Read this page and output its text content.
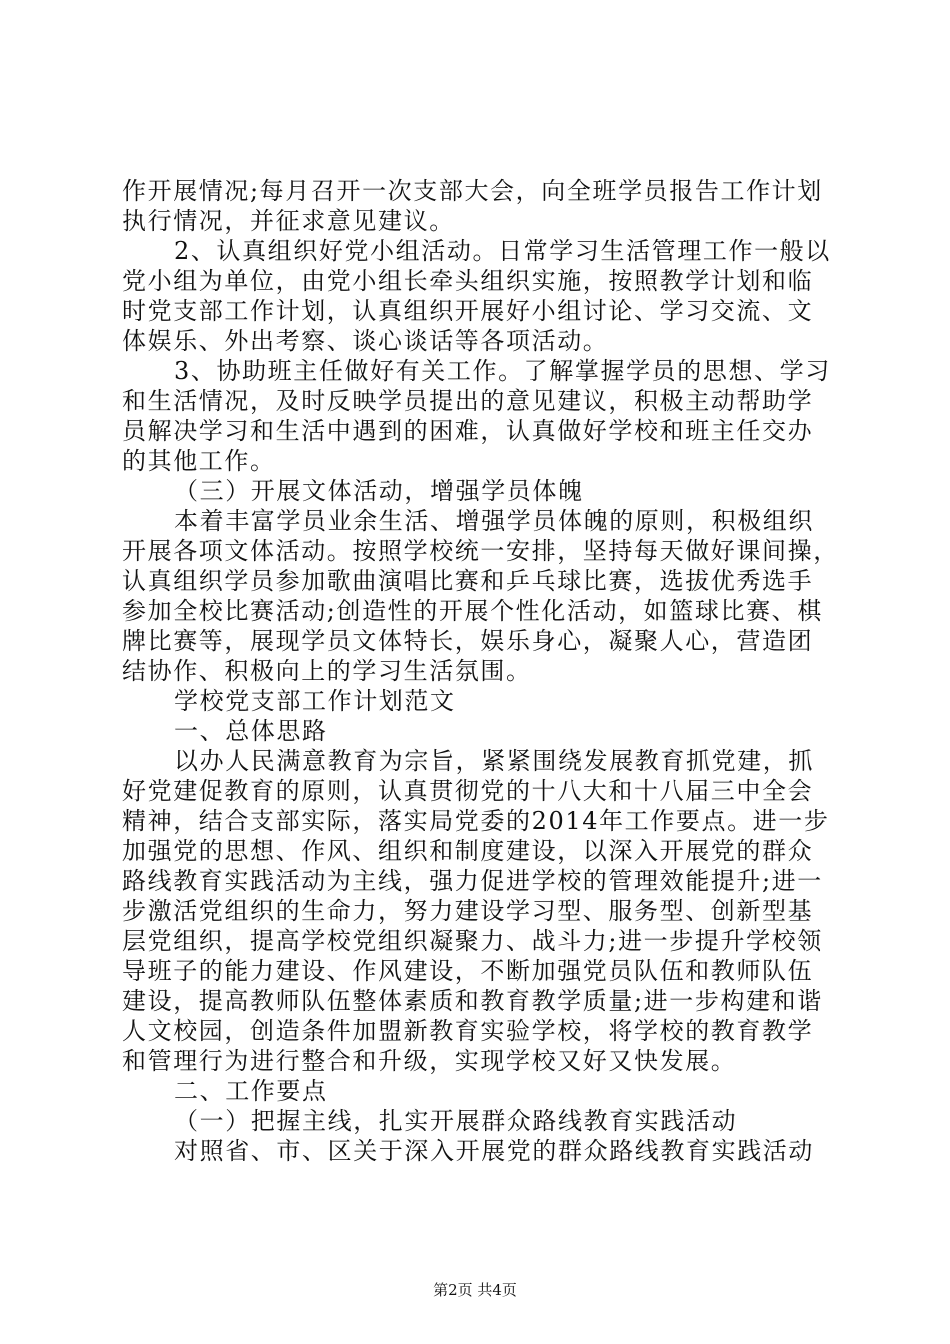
作开展情况;每月召开一次支部大会，向全班学员报告工作计划
执行情况，并征求意见建议。
2、认真组织好党小组活动。日常学习生活管理工作一般以
党小组为单位，由党小组长牵头组织实施，按照教学计划和临
时党支部工作计划，认真组织开展好小组讨论、学习交流、文
体娱乐、外出考察、谈心谈话等各项活动。
3、协助班主任做好有关工作。了解掌握学员的思想、学习
和生活情况，及时反映学员提出的意见建议，积极主动帮助学
员解决学习和生活中遇到的困难，认真做好学校和班主任交办
的其他工作。
（三）开展文体活动，增强学员体魄
本着丰富学员业余生活、增强学员体魄的原则，积极组织
开展各项文体活动。按照学校统一安排，坚持每天做好课间操，
认真组织学员参加歌曲演唱比赛和乒乓球比赛，选拔优秀选手
参加全校比赛活动;创造性的开展个性化活动，如篮球比赛、棋
牌比赛等，展现学员文体特长，娱乐身心，凝聚人心，营造团
结协作、积极向上的学习生活氛围。
学校党支部工作计划范文
一、总体思路
以办人民满意教育为宗旨，紧紧围绕发展教育抓党建，抓
好党建促教育的原则，认真贯彻党的十八大和十八届三中全会
精神，结合支部实际，落实局党委的2014年工作要点。进一步
加强党的思想、作风、组织和制度建设，以深入开展党的群众
路线教育实践活动为主线，强力促进学校的管理效能提升;进一
步激活党组织的生命力，努力建设学习型、服务型、创新型基
层党组织，提高学校党组织凝聚力、战斗力;进一步提升学校领
导班子的能力建设、作风建设，不断加强党员队伍和教师队伍
建设，提高教师队伍整体素质和教育教学质量;进一步构建和谐
人文校园，创造条件加盟新教育实验学校，将学校的教育教学
和管理行为进行整合和升级，实现学校又好又快发展。
二、工作要点
（一）把握主线，扎实开展群众路线教育实践活动
对照省、市、区关于深入开展党的群众路线教育实践活动
第2页 共4页
